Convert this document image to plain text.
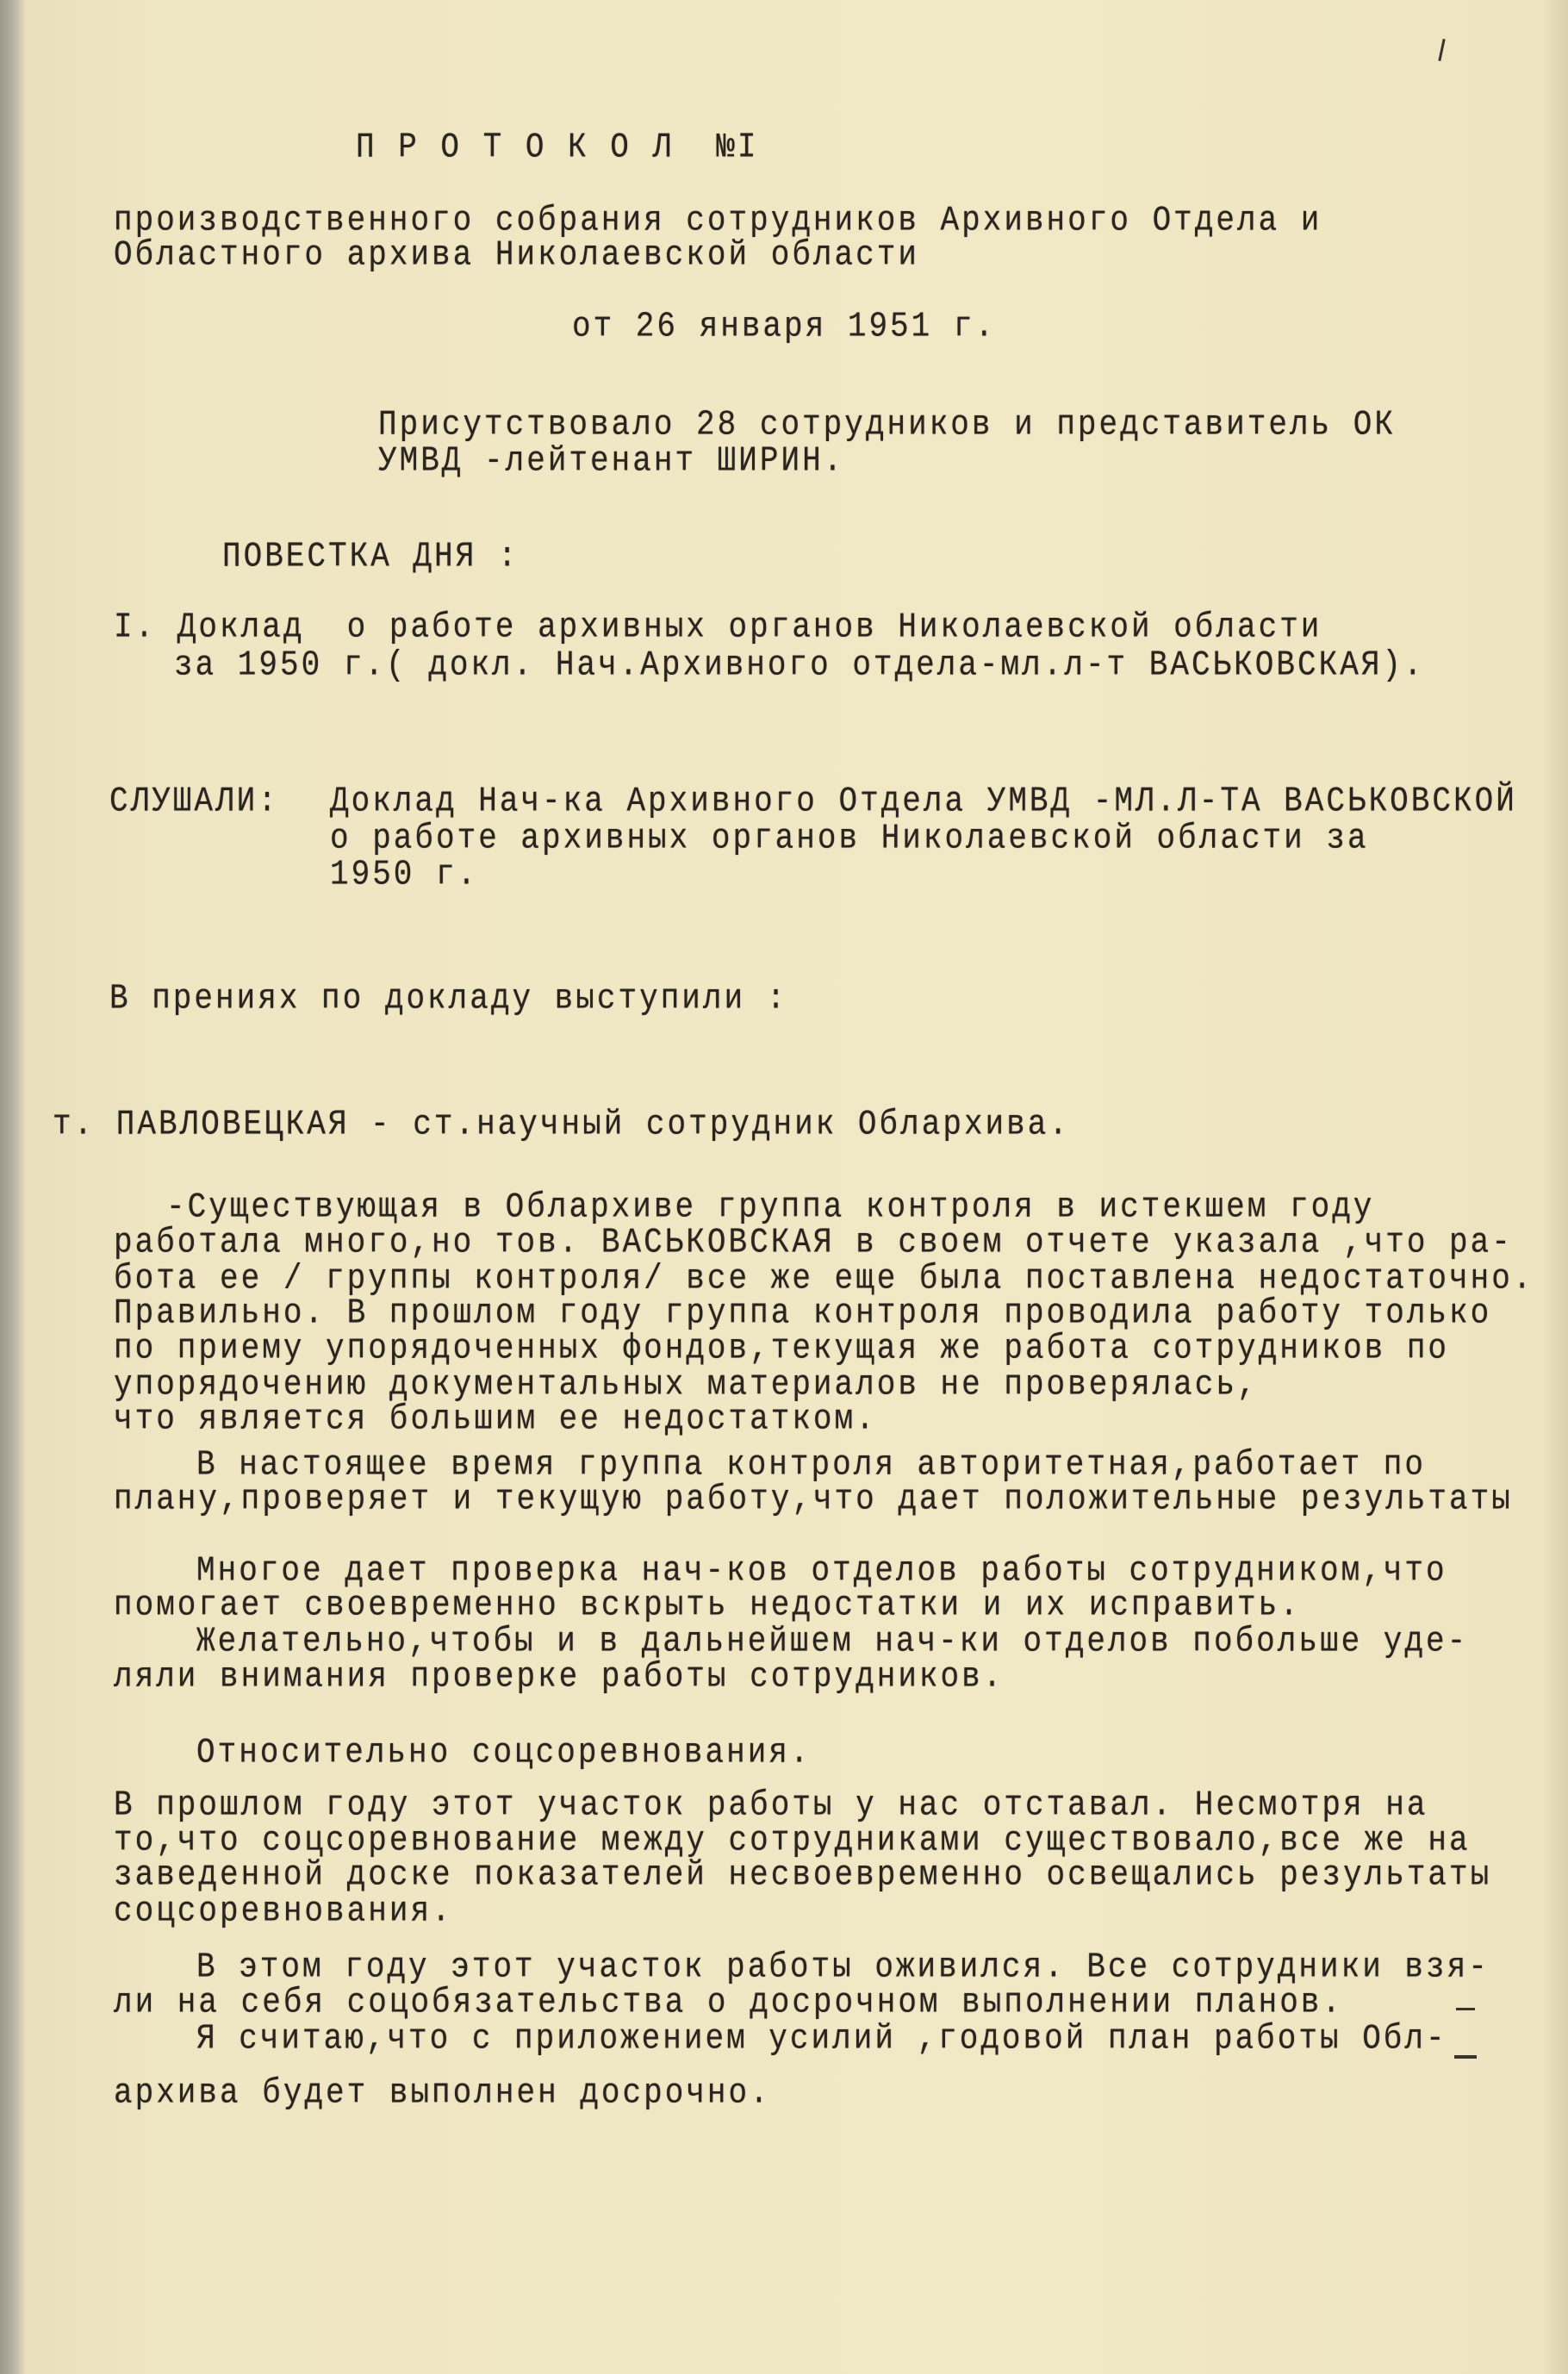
П Р О Т О К О Л  №I
производственного собрания сотрудников Архивного Отдела и
Областного архива Николаевской области
от 26 января 1951 г.
Присутствовало 28 сотрудников и представитель ОК
УМВД -лейтенант ШИРИН.
ПОВЕСТКА ДНЯ :
I. Доклад  о работе архивных органов Николаевской области
за 1950 г.( докл. Нач.Архивного отдела-мл.л-т ВАСЬКОВСКАЯ).
СЛУШАЛИ: Доклад Нач-ка Архивного Отдела УМВД -МЛ.Л-ТА ВАСЬКОВСКОЙ
о работе архивных органов Николаевской области за
1950 г.
В прениях по докладу выступили :
т. ПАВЛОВЕЦКАЯ - ст.научный сотрудник Облархива.
-Существующая в Облархиве группа контроля в истекшем году
работала много,но тов. ВАСЬКОВСКАЯ в своем отчете указала ,что ра-
бота ее / группы контроля/ все же еще была поставлена недостаточно.
Правильно. В прошлом году группа контроля проводила работу только
по приему упорядоченных фондов,текущая же работа сотрудников по
упорядочению документальных материалов не проверялась,
что является большим ее недостатком.
В настоящее время группа контроля авторитетная,работает по
плану,проверяет и текущую работу,что дает положительные результаты
Многое дает проверка нач-ков отделов работы сотрудником,что
помогает своевременно вскрыть недостатки и их исправить.
Желательно,чтобы и в дальнейшем нач-ки отделов побольше уде-
ляли внимания проверке работы сотрудников.
Относительно соцсоревнования.
В прошлом году этот участок работы у нас отставал. Несмотря на
то,что соцсоревнование между сотрудниками существовало,все же на
заведенной доске показателей несвоевременно освещались результаты
соцсоревнования.
В этом году этот участок работы оживился. Все сотрудники взя-
ли на себя соцобязательства о досрочном выполнении планов.
Я считаю,что с приложением усилий ,годовой план работы Обл-
архива будет выполнен досрочно.
